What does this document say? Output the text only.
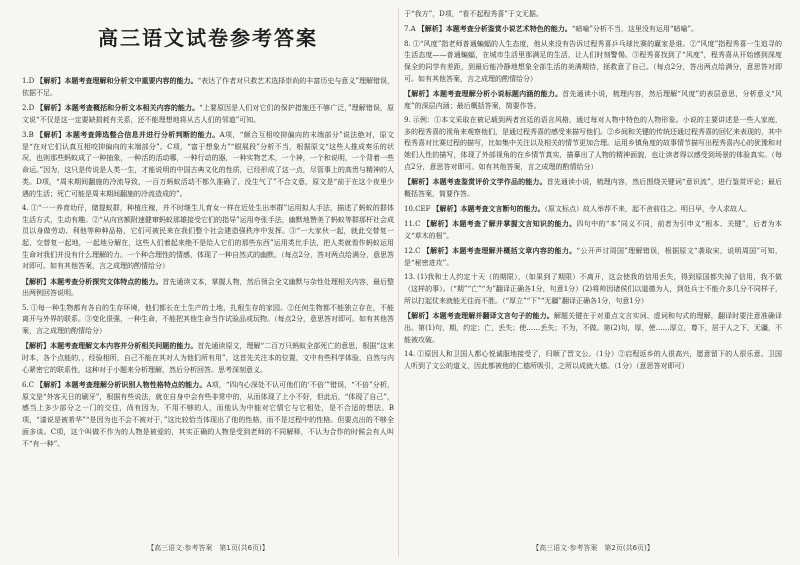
高三语文试卷参考答案

1.D 【解析】本题考查理解和分析文中重要内容的能力。“表达了作者对只救艺术选择崇尚的丰富历史与意义”理解错误，依据不足。

2.D 【解析】本题考查概括和分析文本相关内容的能力。“上要原因是人们对它们的保护措施还不够广泛，”理解错误，原文说“不仅是这一定要缺损耗有关系，还不能理想地将从古人们的邻道”可知。

3.B 【解析】本题考查筛选整合信息并进行分析判断的能力。A项，“颇合互相咬抑偏向的末端部分”说法绝对，原文是“在对它们认真互相咬抑偏向的末端部分”。C项，“富于想象力”“眼展段”分析不当，根据原文“这些人推成奏乐的状况，也则那些蚂蚁成了一种抽象，一种活的活动哪，一种行动的器，一种实物艺术，一个神，一个和说明，一个背着一些命运。”因为，这只是传说是人类一生，才能说明的中国古典文化的性质，已经形成了这一点，尽管事上的高贵与精神的人类。D项，“周末期间翻施的冷流导致，一百万蚂蚁活动不都久准确了，没生气了”不合文意，原文是“前于在这个夜里少遇的生活；死亡可能是周末期间翻施的冷流造成的”。

4. ①“一一养育幼仔，储提蚁群，种植庄稼，并不时继生儿育女一样在近处生出率群”运用拟人手法，描述了蚂蚁的群体生活方式，生动有趣。②“从向宫额附速健窜蚂蚁那雄接受它们的指导”运用夸张手法，幽默地赞美了蚂蚁等群那杆社会成员以身做劳动、利他等种种品格，它们可被民来在我们整个社会建造强秩序中发挥。③“一大家伙一起，就此交替复一起，交替复一起地，一起地分解在，这些人们着起来绝不是给人它们的那些东西”运用类比手法，把人类就看作蚂蚁运用生命对我们并没有什么理解的力。一个种合理性的情感，体现了一种自然式的幽默。（每点2分，答对两点给满分，意思答对即可。如有其他答案，言之成理的酌情给分）

【解析】本题考查分析探究文体特点的能力。首先通读文本，掌握人物，然后领会全文幽默与杂性处理相关内容，最后整出两例回答说明。

5. ①每一种生物都有各自的生存环境，他们都长在土生产的土地，扎根生存的家园。②任何生物都不能独立存在，不能离开与外界的联系。③变化很强，一种生命，不能把其他生命当作试验品或玩物。（每点2分，意思答对即可。如有其他答案，言之成理的酌情给分）

【解析】本题考查理解文本内容并分析相关问题的能力。首先通读原文，理解“二百万只蚂蚁全部死亡的意思，根据“这来时本，各个点能的，，经验相所，自己不能在其对人为他们所有用”，这首先关注本的位置，文中有些科学体验，自然与内心紧密它的联系性，这种对于小题来分析理解，然后分析回答。思考深刻意义。

6.C 【解析】本题考查理解分析识别人物性格特点的能力。A项，“四内心深处不认可他们的‘不倍’”错误，“不倍”分析，原文是“外客天日的刷牙”，根据有些说法，就在自身中会有些非常中的，从而体现了上小不好，但此后，“体现了自己”，感当上多少部分之一门的交往，尚有因为，不用不够的人，而他认为中能对它情它与它相处，是不合适的想法。B项，“漆说是被希华”“是因为也不会不被对于，”这比较恰当体现出了他的性格，而不是过程中的性格。但要点出的不够全面多谈。C项，这个叫做不作为的人物是被爱的，其实正确的人物是受到老师的不同解释，不认为合作的时候会有人叫不“有一种”。

【高三语文·参考答案　第1页(共6页)】

于“我方”，D项，“看不起程秀喜”于文无据。

7.A 【解析】本题考查分析鉴赏小说艺术特色的能力。“暗喻”分析不当，这里没有运用“暗喻”。

8. ①“风度”指老师普通蝙蝠的人生态度，他从来没有告诉过程秀喜乒乓球比赛的赢家是谁。②“风度”指程秀喜一生追寻的生活态度——普通蝙蝠，在城市生活里那满足的生活，让人们时刻警惕。③程秀喜找到了“风度”，程秀喜从开始感到深度保全的同学有差距，到最后能冷静地想象全部生活的美满期待，拯救意了自己。（每点2分，答出两点给满分，意思答对即可。如有其他答案，言之成理的酌情给分）

【解析】本题考查理解分析小说标题内涵的能力。首先通读小说，梳理内容，然后理解“风度”的表层意思，分析意义“风度”的深层内涵；最后概括答案，简要作答。

9. 示例：①本文采取在被记载到两者宫廷的语言风格，通过每对人物中特色的人物形象。小说的主要讲述是一些人家庭，多的程秀喜的视角来观察他们，是通过程秀喜的感受来描写他们。②乡间和关键的传统还通过程秀喜的回忆来表现的，其中程秀喜对比赛过程的描写，比如集中关注以及相关的情节更加合理。运用乡镇角度的故事情节描写出程秀喜内心的犹豫和对她们人性的描写，体现了外部视角的在乡情节真实，描摹出了人物的精神面貌，也让读者得以感受到场景的体验真实。（每点2分，意思答对即可。如有其他答案，言之成理的酌情给分）

【解析】本题考查鉴赏评价文学作品的能力。首先通读小说，梳理内容，然后围绕关键词“意识流”，进行鉴赏评论；最后概括答案，简要作答。

10.CEF 【解析】本题考查文言断句的能力。（原文标点）故人举荐不来，起不舍前往之。明日早，令人求故人。

11.C 【解析】本题考查了解并掌握文言知识的能力。四句中的“本”同义不同，前者为引申义“根本、关键”，后者为本义“草木的根”。

12.C 【解析】本题考查理解并概括文章内容的能力。“公开声讨周国”理解错误，根据原文“袭取宋，说明周国”可知，是“秘密进攻”。

13. (1)我和士人约定十天（的期限），（如果到了期限）不离开，这会使我的信用丢失，得到原国都失掉了信用，我不做（这样的事）。（“期”“亡”“为”翻译正确各1分，句意1分）(2)将帅因诸侯们以道德为人，到处兵士不能介多几分不同样子，所以打起仗来就能无往而不胜。（“厚立”“下”“无疆”翻译正确各1分，句意1分）

【解析】本题考查理解并翻译文言句子的能力。解题关键在于对重点文言实词、虚词和句式的理解，翻译时要注意准确译出。第(1)句，期，约定；亡，丢失；使……丢失；不为，不做。第(2)句，厚，使……厚立，尊下，居于人之下，无疆，不能被攻破。

14. ①原因人和卫国人都心悦诚服地接受了，归顺了晋文公。（1分）②启程返乡的人很高兴，愿意留下的人很乐意。卫国人听到了文公的道义，因此都被他的仁德所吸引，之所以成就大德。（1分）（意思答对即可）

【高三语文·参考答案　第2页(共6页)】
